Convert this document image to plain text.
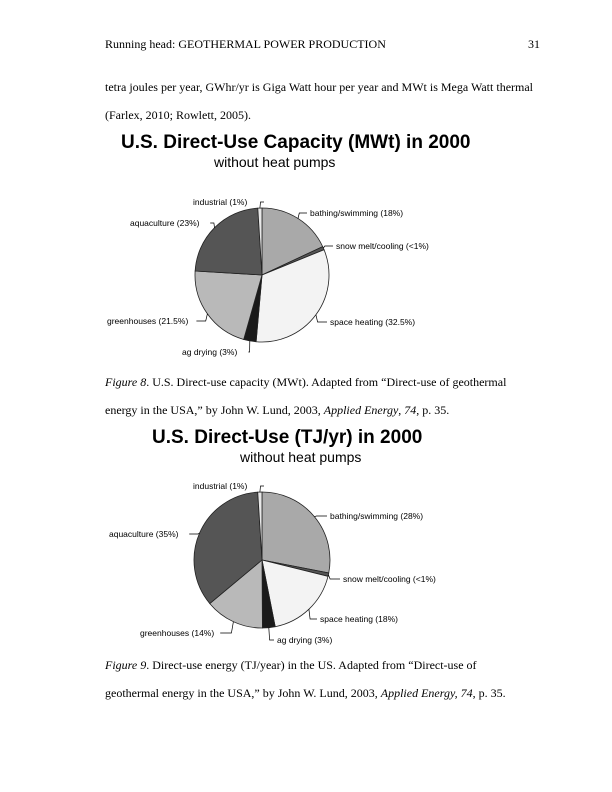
Running head: GEOTHERMAL POWER PRODUCTION	31
tetra joules per year, GWhr/yr is Giga Watt hour per year and MWt is Mega Watt thermal
(Farlex, 2010; Rowlett, 2005).
U.S. Direct-Use Capacity (MWt) in 2000
without heat pumps
bathing/swimming (18%)
snow melt/cooling (<1%)
space heating (32.5%)
ag drying (3%)
greenhouses (21.5%)
aquaculture (23%)
industrial (1%)
Figure 8. U.S. Direct-use capacity (MWt). Adapted from “Direct-use of geothermal
energy in the USA,” by John W. Lund, 2003, Applied Energy, 74, p. 35.
U.S. Direct-Use (TJ/yr) in 2000
without heat pumps
bathing/swimming (28%)
snow melt/cooling (<1%)
space heating (18%)
ag drying (3%)
greenhouses (14%)
aquaculture (35%)
industrial (1%)
Figure 9. Direct-use energy (TJ/year) in the US. Adapted from “Direct-use of
geothermal energy in the USA,” by John W. Lund, 2003, Applied Energy, 74, p. 35.
